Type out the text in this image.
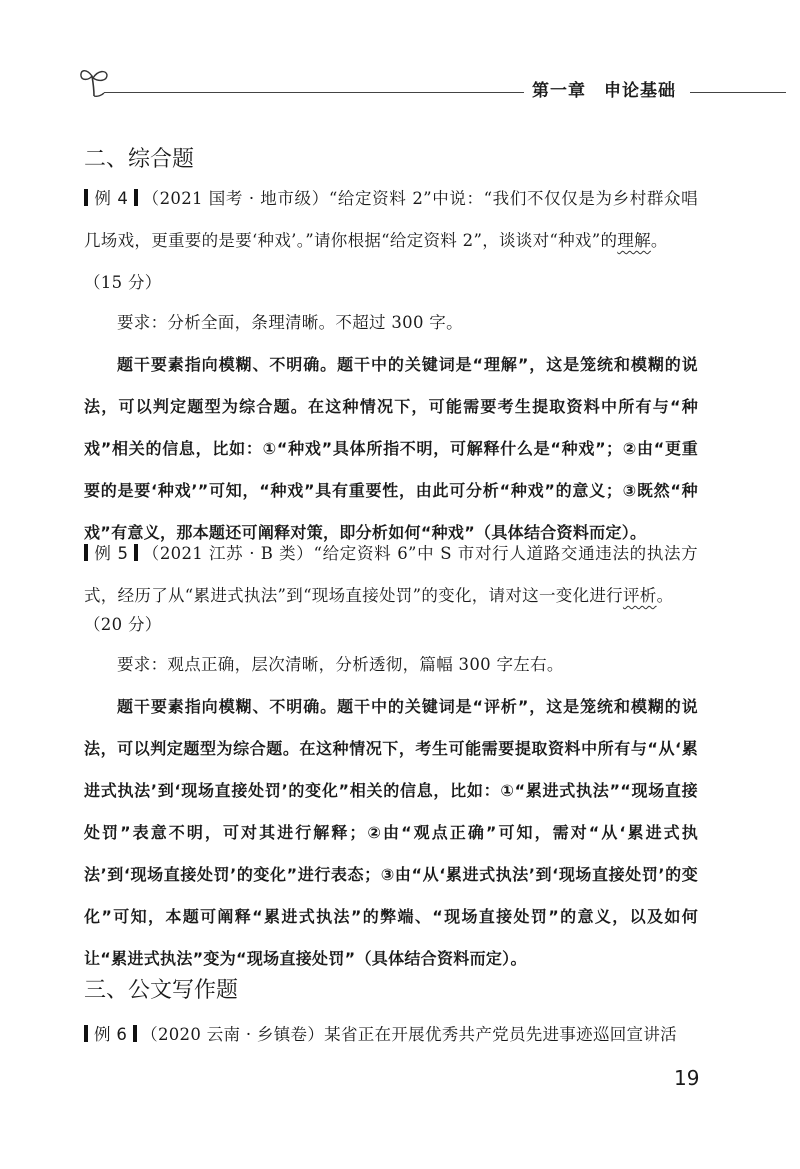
第一章 申论基础
二、综合题
例 4 （2021 国考 · 地市级）“给定资料 2”中说：“我们不仅仅是为乡村群众唱几场戏，更重要的是要‘种戏’。”请你根据“给定资料 2”，谈谈对“种戏”的理解。
（15 分）
要求：分析全面，条理清晰。不超过 300 字。
题干要素指向模糊、不明确。题干中的关键词是“理解”，这是笼统和模糊的说法，可以判定题型为综合题。在这种情况下，可能需要考生提取资料中所有与“种戏”相关的信息，比如：①“种戏”具体所指不明，可解释什么是“种戏”；②由“更重要的是要‘种戏’”可知，“种戏”具有重要性，由此可分析“种戏”的意义；③既然“种戏”有意义，那本题还可阐释对策，即分析如何“种戏”（具体结合资料而定）。
例 5 （2021 江苏 · B 类）“给定资料 6”中 S 市对行人道路交通违法的执法方式，经历了从“累进式执法”到“现场直接处罚”的变化，请对这一变化进行评析。
（20 分）
要求：观点正确，层次清晰，分析透彻，篇幅 300 字左右。
题干要素指向模糊、不明确。题干中的关键词是“评析”，这是笼统和模糊的说法，可以判定题型为综合题。在这种情况下，考生可能需要提取资料中所有与“从‘累进式执法’到‘现场直接处罚’的变化”相关的信息，比如：①“累进式执法”“现场直接处罚”表意不明，可对其进行解释；②由“观点正确”可知，需对“从‘累进式执法’到‘现场直接处罚’的变化”进行表态；③由“从‘累进式执法’到‘现场直接处罚’的变化”可知，本题可阐释“累进式执法”的弊端、“现场直接处罚”的意义，以及如何让“累进式执法”变为“现场直接处罚”（具体结合资料而定）。
三、公文写作题
例 6 （2020 云南 · 乡镇卷）某省正在开展优秀共产党员先进事迹巡回宣讲活
19
